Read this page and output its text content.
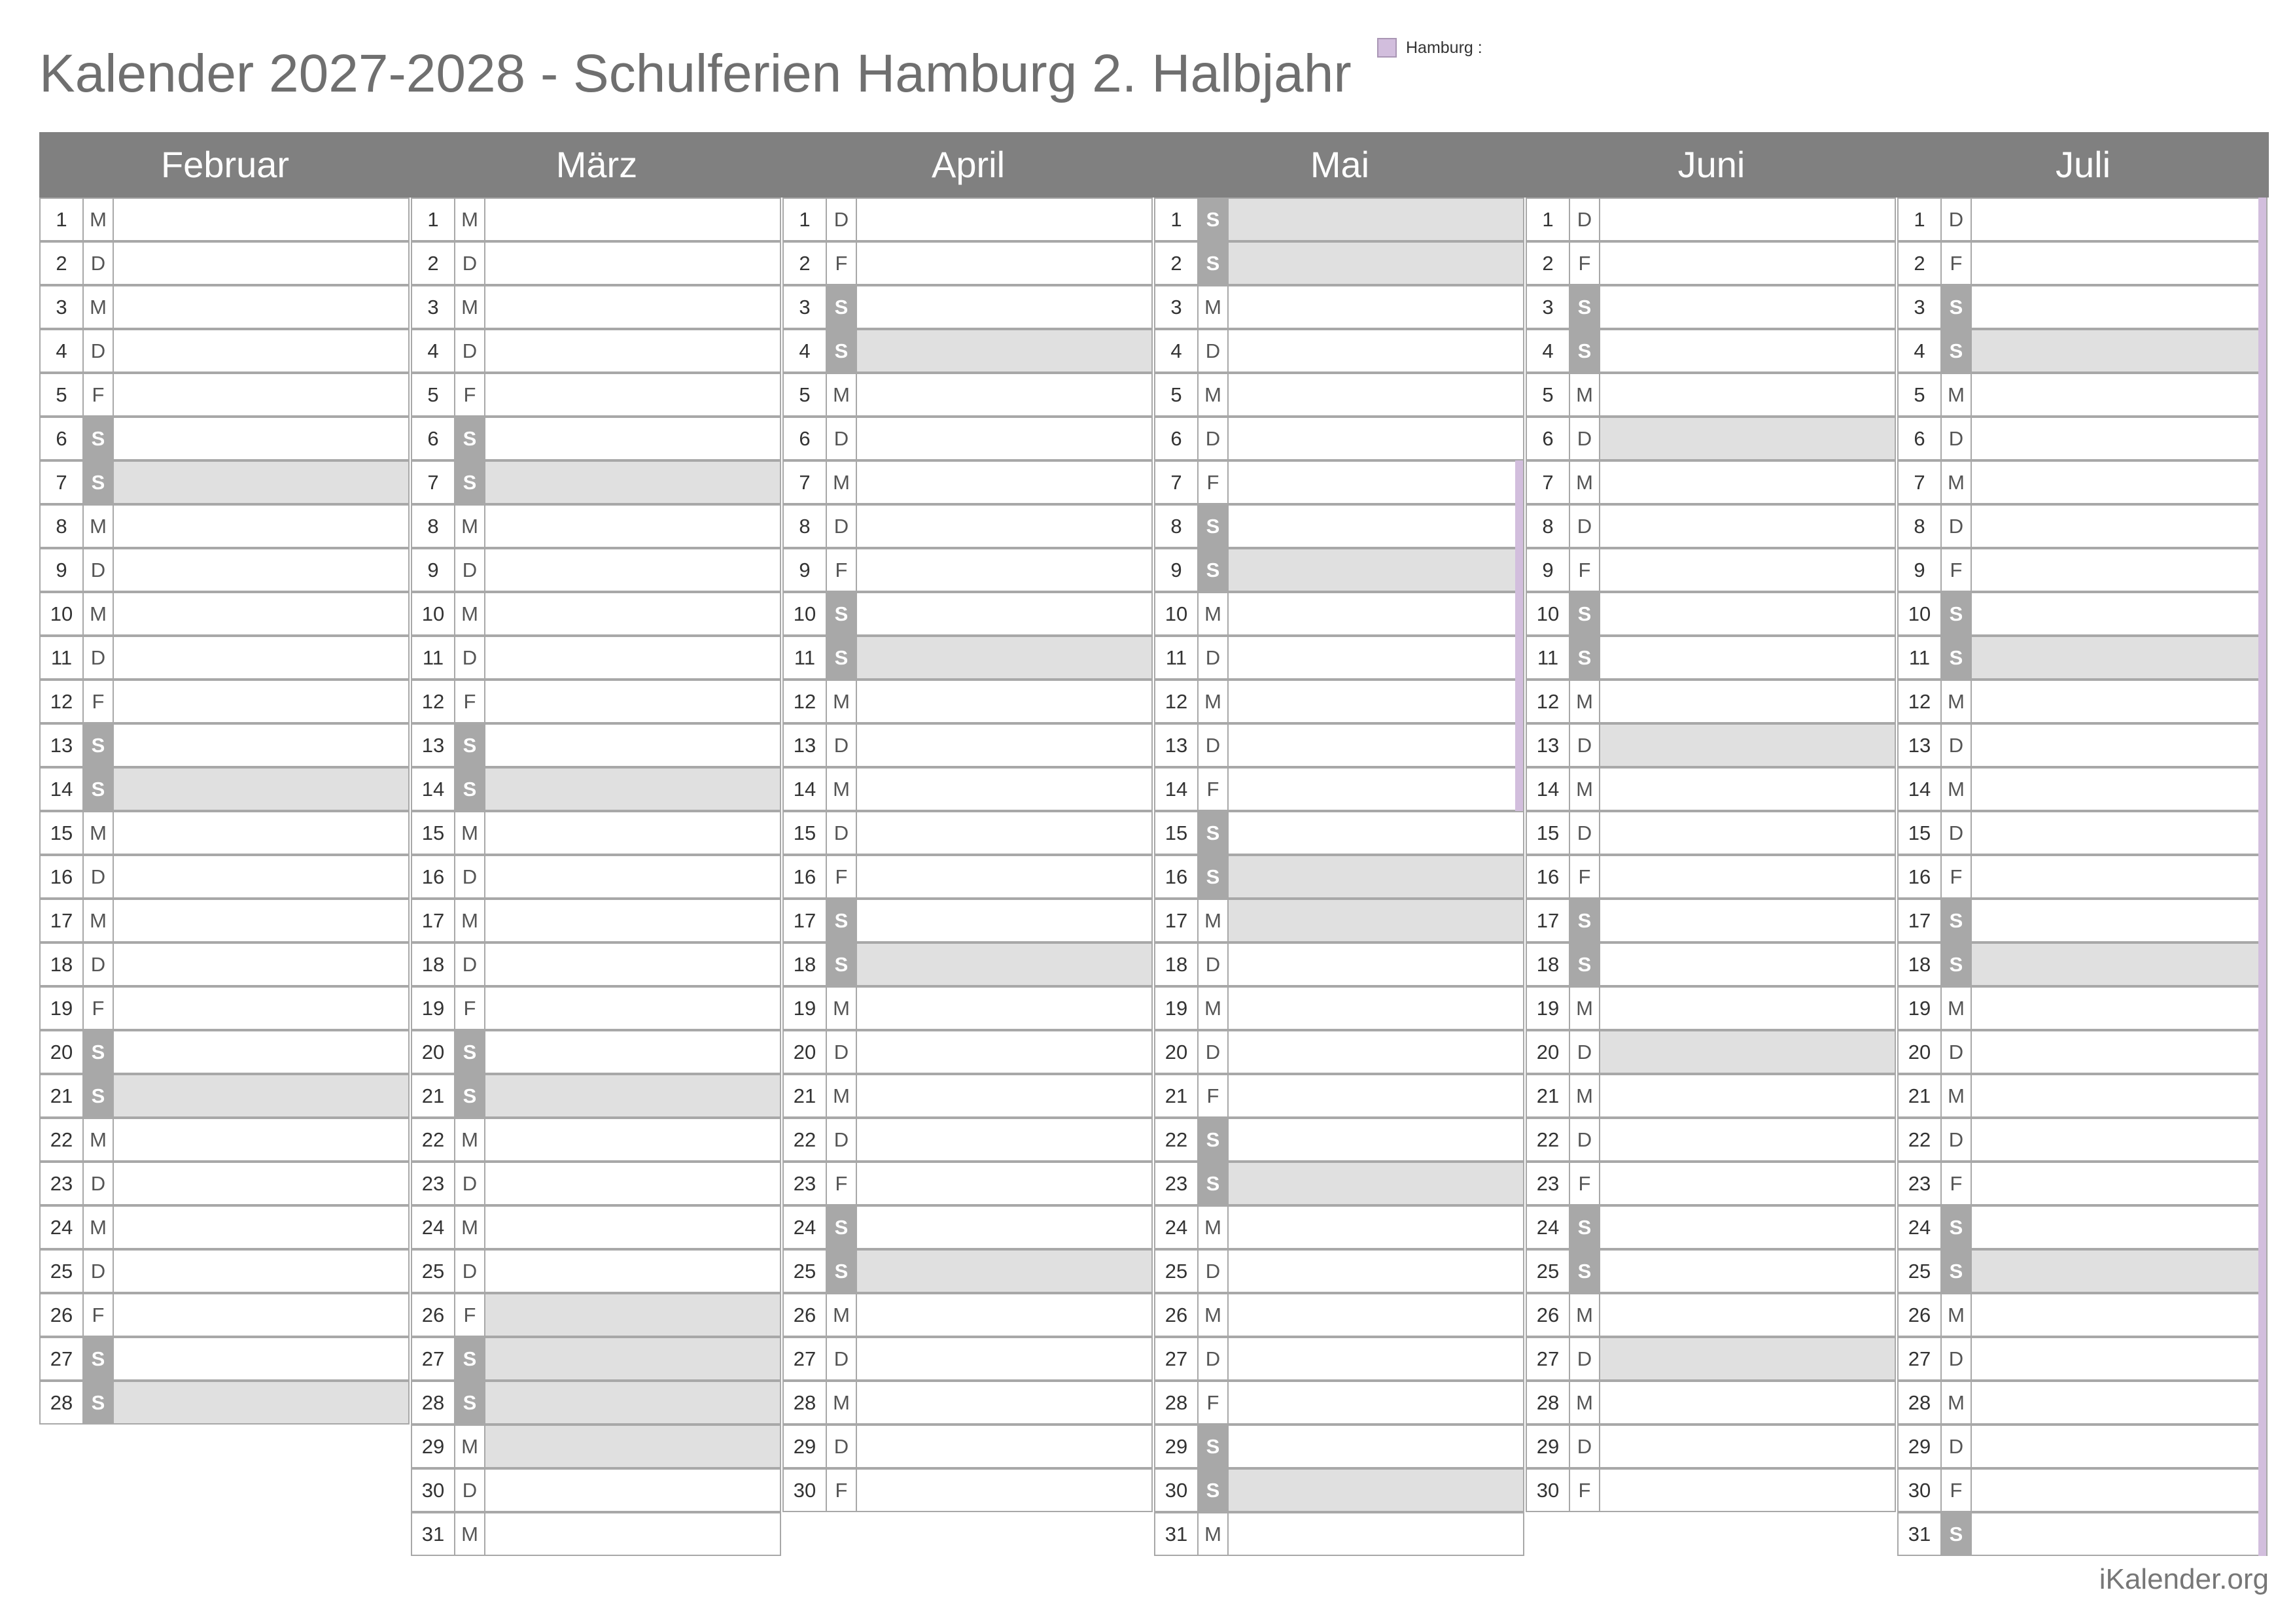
Kalender 2027-2028 - Schulferien Hamburg 2. Halbjahr	Hamburg :
Februar	März	April	Mai	Juni	Juli
1	M
2	D
3	M
4	D
5	F
6	S
7	S
8	M
9	D
10 M
11 D
12 F
13 S
14 S
15 M
16 D
17 M
18 D
19 F
20 S
21 S
22 M
23 D
24 M
25 D
26 F
27 S
28 S
1	M
2	D
3	M
4	D
5	F
6	S
7	S
8	M
9	D
10 M
11 D
12 F
13 S
14 S
15 M
16 D
17 M
18 D
19 F
20 S
21 S
22 M
23 D
24 M
25 D
26 F
27 S
28 S
29 M
30 D
31 M
1	D
2	F
3	S
4	S
5	M
6	D
7	M
8	D
9	F
10 S
11 S
12 M
13 D
14 M
15 D
16 F
17 S
18 S
19 M
20 D
21 M
22 D
23 F
24 S
25 S
26 M
27 D
28 M
29 D
30 F
1	S
2	S
3	M
4	D
5	M
6	D
7	F
8	S
9	S
10 M
11 D
12 M
13 D
14 F
15 S
16 S
17 M
18 D
19 M
20 D
21 F
22 S
23 S
24 M
25 D
26 M
27 D
28 F
29 S
30 S
31 M
1	D
2	F
3	S
4	S
5	M
6	D
7	M
8	D
9	F
10 S
11 S
12 M
13 D
14 M
15 D
16 F
17 S
18 S
19 M
20 D
21 M
22 D
23 F
24 S
25 S
26 M
27 D
28 M
29 D
30 F
1	D
2	F
3	S
4	S
5	M
6	D
7	M
8	D
9	F
10 S
11 S
12 M
13 D
14 M
15 D
16 F
17 S
18 S
19 M
20 D
21 M
22 D
23 F
24 S
25 S
26 M
27 D
28 M
29 D
30 F
31 S
iKalender.org
